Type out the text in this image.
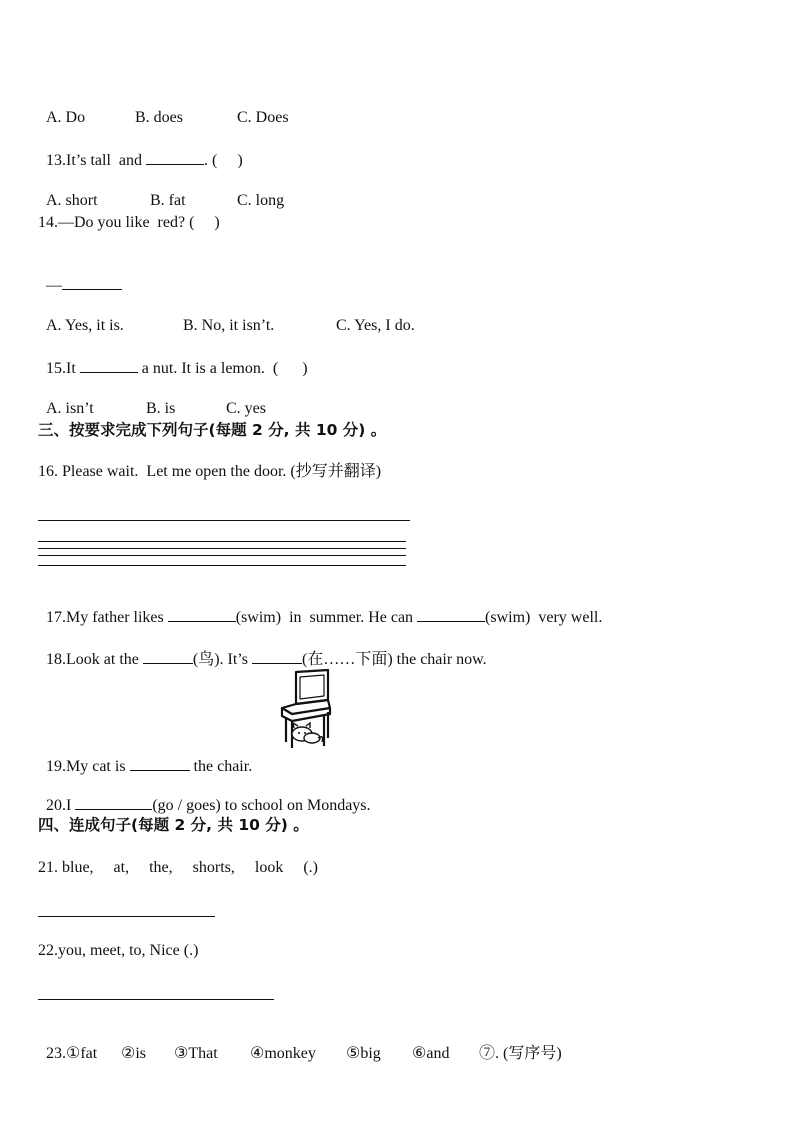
A. Do	B. does	C. Does

13.It’s tall  and	. (     )

A. short	B. fat	C. long

14.—Do you like  red? (     )

—

A. Yes, it is.	B. No, it isn’t.	C. Yes, I do.

15.It	a nut. It is a lemon.  (      )

A. isn’t	B. is	C. yes

三、按要求完成下列句子(每题 2 分, 共 10 分) 。
16. Please wait.  Let me open the door. (抄写并翻译)

17.My father likes	(swim)  in  summer. He can	(swim)  very well.

18.Look at the	(鸟). It’s	(在……下面) the chair now.

19.My cat is	the chair.

20.I	(go / goes) to school on Mondays.

四、连成句子(每题 2 分, 共 10 分) 。
21. blue,     at,     the,     shorts,     look     (.)
22.you, meet, to, Nice (.)

23.①fat ②is ③That ④monkey ⑤big ⑥and ⑦. (写序号)
